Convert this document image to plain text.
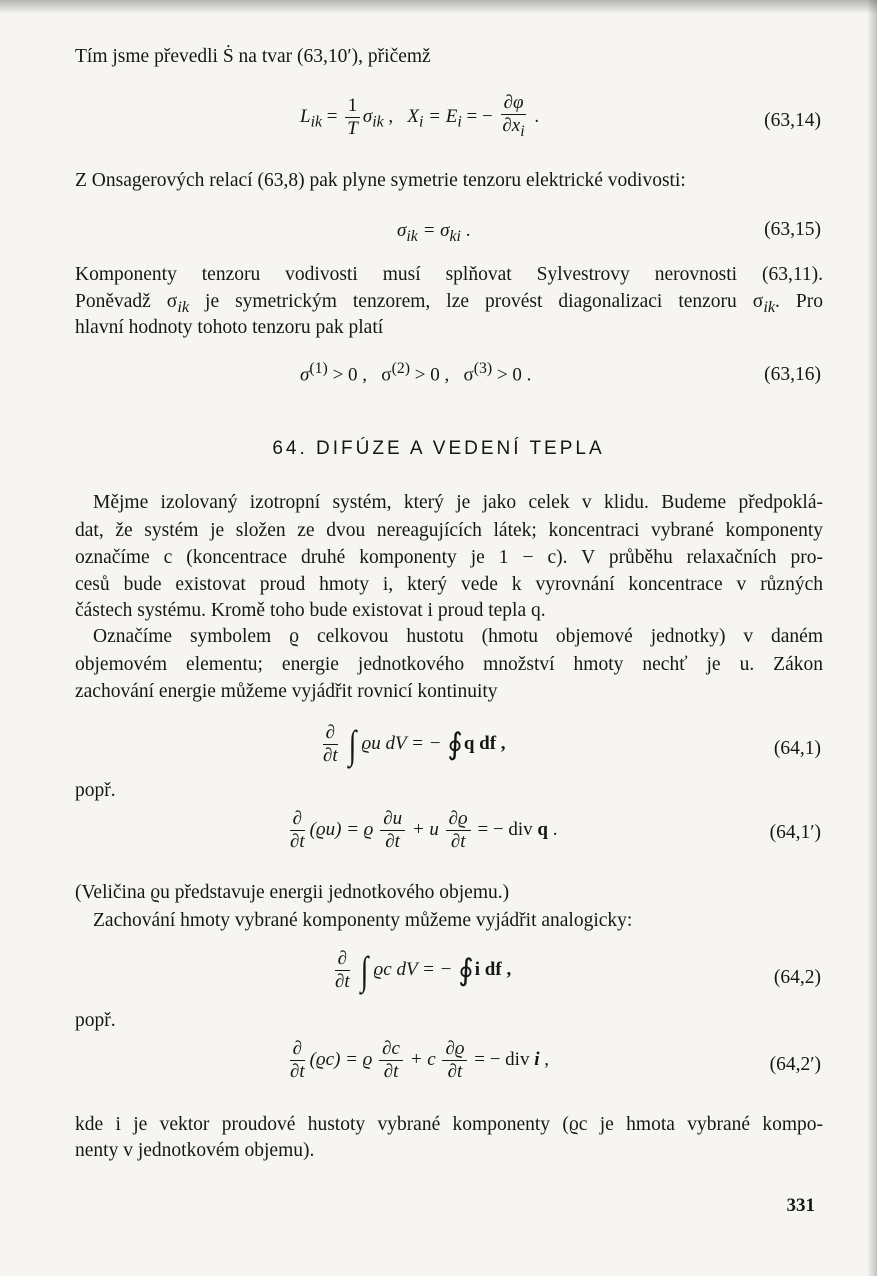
Tím jsme převedli Ṡ na tvar (63,10′), přičemž
$L_{ik} = \frac{1}{T} \sigma_{ik}$ ,   $X_i = E_i$ = − $\frac{\partial\varphi}{\partial x_i}$ .	(63,14)
Z Onsagerových relací (63,8) pak plyne symetrie tenzoru elektrické vodivosti:
$\sigma_{ik} = \sigma_{ki}$ .	(63,15)
Komponenty tenzoru vodivosti musí splňovat Sylvestrovy nerovnosti (63,11).
Poněvadž $\sigma_{ik}$ je symetrickým tenzorem, lze provést diagonalizaci tenzoru $\sigma_{ik}$. Pro
hlavní hodnoty tohoto tenzoru pak platí
$\sigma^{(1)} > 0$ ,   $\sigma^{(2)} > 0$ ,   $\sigma^{(3)} > 0$ .	(63,16)
64. DIFÚZE A VEDENÍ TEPLA
Mějme izolovaný izotropní systém, který je jako celek v klidu. Budeme předpoklá-
dat, že systém je složen ze dvou nereagujících látek; koncentraci vybrané komponenty
označíme c (koncentrace druhé komponenty je 1 − c). V průběhu relaxačních pro-
cesů bude existovat proud hmoty i, který vede k vyrovnání koncentrace v různých
částech systému. Kromě toho bude existovat i proud tepla q.
Označíme symbolem ϱ celkovou hustotu (hmotu objemové jednotky) v daném
objemovém elementu; energie jednotkového množství hmoty nechť je u. Zákon
zachování energie můžeme vyjádřit rovnicí kontinuity
$\frac{\partial}{\partial t}$ ∫ ϱu dV = − ∮q df ,	(64,1)
popř.
$\frac{\partial}{\partial t} (ϱu) = ϱ \frac{\partial u}{\partial t} + u \frac{\partial ϱ}{\partial t}$ = − div q .	(64,1′)
(Veličina ϱu představuje energii jednotkového objemu.)
Zachování hmoty vybrané komponenty můžeme vyjádřit analogicky:
$\frac{\partial}{\partial t}$ ∫ ϱc dV = − ∮i df ,	(64,2)
popř.
$\frac{\partial}{\partial t} (ϱc) = ϱ \frac{\partial c}{\partial t} + c \frac{\partial ϱ}{\partial t}$ = − div i ,	(64,2′)
kde i je vektor proudové hustoty vybrané komponenty (ϱc je hmota vybrané kompo-
nenty v jednotkovém objemu).
331
